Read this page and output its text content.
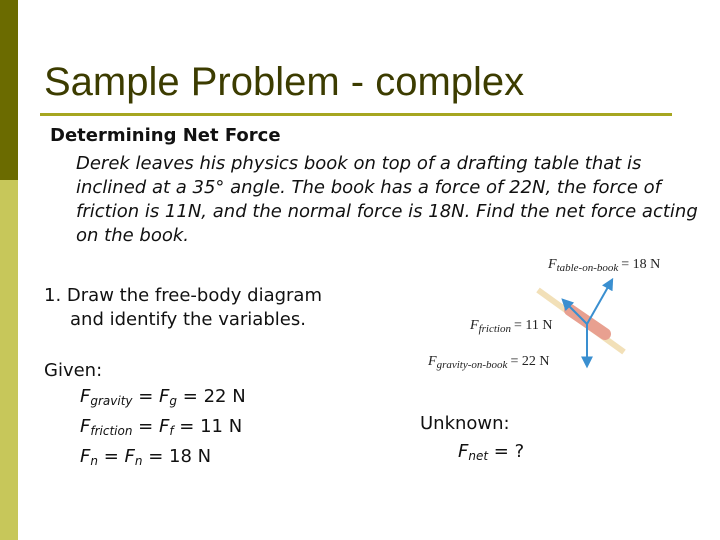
Sample Problem - complex
Determining Net Force
Derek leaves his physics book on top of a drafting table that is inclined at a 35° angle. The book has a force of 22N, the force of friction is 11N, and the normal force is 18N. Find the net force acting on the book.
1. Draw the free-body diagram
and identify the variables.
Given:
$F_{gravity} = F_g = 22$ N
$F_{friction} = F_f = 11$ N
$F_n = F_n = 18$ N
Unknown:
$F_{net}$ = ?
$F_{table-on-book} = 18$ N
$F_{friction} = 11$ N
$F_{gravity-on-book} = 22$ N
